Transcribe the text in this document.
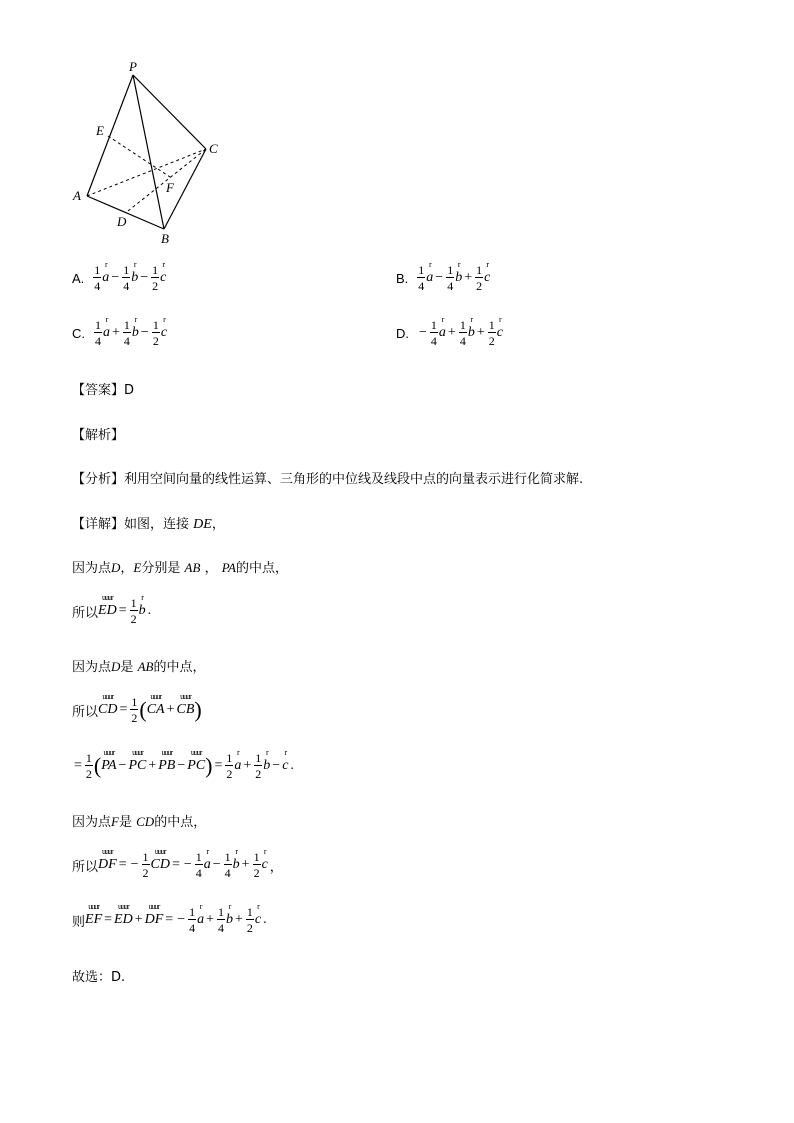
P
E
C
F
A
D
B
A. $\frac{1}{4}$ r
$a - \frac{1}{4}$ r
$b - \frac{1}{2}$ r
c	B. $\frac{1}{4}$ r
$a - \frac{1}{4}$ r
$b + \frac{1}{2}$ r
c
C. $\frac{1}{4}$ r
$a + \frac{1}{4}$ r
$b - \frac{1}{2}$ r
c	D. − $\frac{1}{4}$ r
$a + \frac{1}{4}$ r
$b + \frac{1}{2}$ r
c
【答案】D
【解析】
【分析】利用空间向量的线性运算、三角形的中位线及线段中点的向量表示进行化简求解.
【详解】如图，连接 DE，
因为点D，E分别是 AB ， PA的中点，
所以
uuur
ED = $\frac{1}{2}$ r
b .
因为点D是 AB的中点，
所以
uuur
CD = $\frac{1}{2}$ (
uuur
CA +
uuur
CB )
= $\frac{1}{2}$ (
uuur
PA −
uuur
PC +
uuur
PB −
uuur
PC ) = $\frac{1}{2}$ r
$a + \frac{1}{2}$ r
b −
r
c .
因为点F是 CD的中点，
所以
uuur
DF = − $\frac{1}{2}$ uuur
CD = − $\frac{1}{4}$ r
$a - \frac{1}{4}$ r
$b + \frac{1}{2}$ r
c ，
则
uuur
EF =
uuur
ED +
uuur
DF = − $\frac{1}{4}$ r
$a + \frac{1}{4}$ r
$b + \frac{1}{2}$ r
c .
故选：D.
